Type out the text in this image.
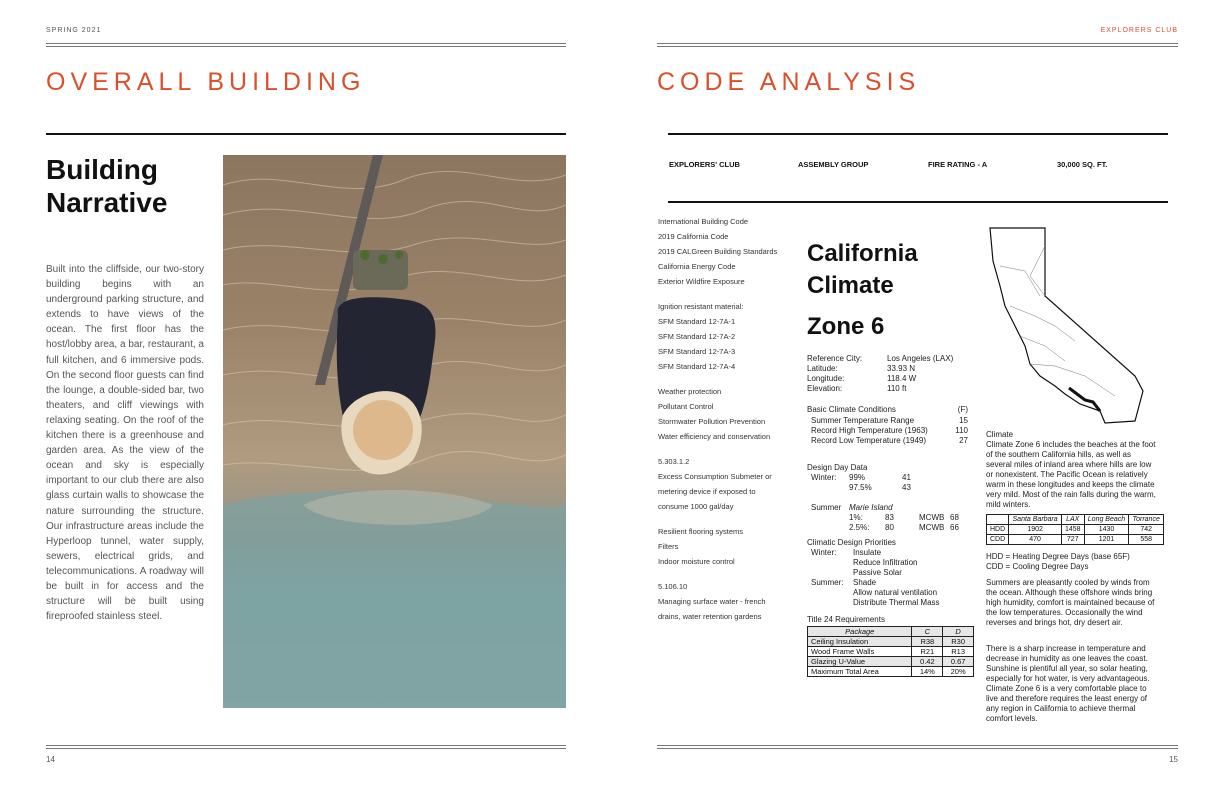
SPRING 2021
OVERALL BUILDING
Building
Narrative
Built into the cliffside, our two-story building begins with an underground parking structure, and extends to have views of the ocean. The first floor has the host/lobby area, a bar, restaurant, a full kitchen, and 6 immersive pods. On the second floor guests can find the lounge, a double-sided bar, two theaters, and cliff viewings with relaxing seating. On the roof of the kitchen there is a greenhouse and garden area. As the view of the ocean and sky is especially important to our club there are also glass curtain walls to showcase the nature surrounding the structure. Our infrastructure areas include the Hyperloop tunnel, water supply, sewers, electrical grids, and telecommunications. A roadway will be built in for access and the structure will be built using fireproofed stainless steel.
14
EXPLORERS CLUB
CODE ANALYSIS
EXPLORERS' CLUB	ASSEMBLY GROUP	FIRE RATING - A	30,000 SQ. FT.
International Building Code
2019 California Code
2019 CALGreen Building Standards
California Energy Code
Exterior Wildfire Exposure
Ignition resistant material:
SFM Standard 12-7A-1
SFM Standard 12-7A-2
SFM Standard 12-7A-3
SFM Standard 12-7A-4
Weather protection
Pollutant Control
Stormwater Pollution Prevention
Water efficiency and conservation
5.303.1.2
Excess Consumption Submeter or
metering device if exposed to
consume 1000 gal/day
Resilient flooring systems
Filters
Indoor moisture control
5.106.10
Managing surface water - french
drains, water retention gardens
California
Climate
Zone 6
Reference City:	Los Angeles (LAX)
Latitude:	33.93 N
Longitude:	118.4 W
Elevation:	110 ft
Basic Climate Conditions	(F)
Summer Temperature Range	15
Record High Temperature (1963)	110
Record Low Temperature (1949)	27
Design Day Data
Winter: 99%	41
97.5%	43
Summer Marie Island
1%:	83	MCWB 68
2.5%: 80	MCWB 66
Climatic Design Priorities
Winter: Insulate
Reduce Infiltration
Passive Solar
Summer: Shade
Allow natural ventilation
Distribute Thermal Mass
Title 24 Requirements
Package	C	D
Ceiling Insulation	R38	R30
Wood Frame Walls	R21	R13
Glazing U-Value	0.42	0.67
Maximum Total Area	14%	20%
Climate
Climate Zone 6 includes the beaches at the foot of the southern California hills, as well as several miles of inland area where hills are low or nonexistent. The Pacific Ocean is relatively warm in these longitudes and keeps the climate very mild. Most of the rain falls during the warm, mild winters.
	Santa Barbara	LAX	Long Beach	Torrance
HDD	1902	1458	1430	742
CDD	470	727	1201	558
HDD = Heating Degree Days (base 65F)
CDD = Cooling Degree Days
Summers are pleasantly cooled by winds from the ocean. Although these offshore winds bring high humidity, comfort is maintained because of the low temperatures. Occasionally the wind reverses and brings hot, dry desert air.
There is a sharp increase in temperature and decrease in humidity as one leaves the coast. Sunshine is plentiful all year, so solar heating, especially for hot water, is very advantageous. Climate Zone 6 is a very comfortable place to live and therefore requires the least energy of any region in California to achieve thermal comfort levels.
15
